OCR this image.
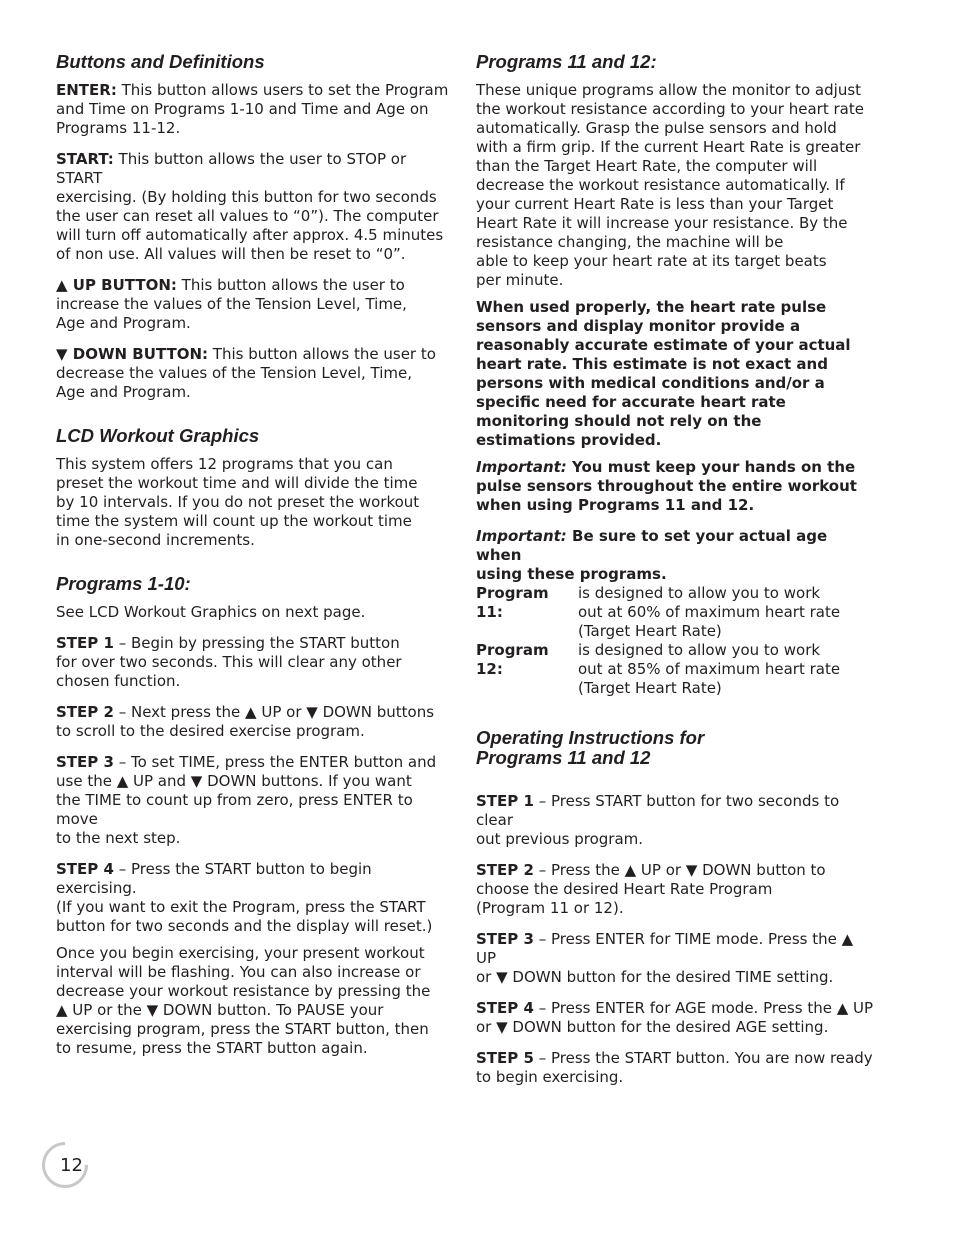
Buttons and Definitions

ENTER: This button allows users to set the Program
and Time on Programs 1-10 and Time and Age on
Programs 11-12.

START: This button allows the user to STOP or START
exercising. (By holding this button for two seconds
the user can reset all values to “0”). The computer
will turn off automatically after approx. 4.5 minutes
of non use. All values will then be reset to “0”.

▲ UP BUTTON: This button allows the user to
increase the values of the Tension Level, Time,
Age and Program.

▼ DOWN BUTTON: This button allows the user to
decrease the values of the Tension Level, Time,
Age and Program.

LCD Workout Graphics

This system offers 12 programs that you can
preset the workout time and will divide the time
by 10 intervals. If you do not preset the workout
time the system will count up the workout time
in one-second increments.

Programs 1-10:

See LCD Workout Graphics on next page.

STEP 1 – Begin by pressing the START button
for over two seconds. This will clear any other
chosen function.

STEP 2 – Next press the ▲ UP or ▼ DOWN buttons
to scroll to the desired exercise program.

STEP 3 – To set TIME, press the ENTER button and
use the ▲ UP and ▼ DOWN buttons. If you want
the TIME to count up from zero, press ENTER to move
to the next step.

STEP 4 – Press the START button to begin exercising.
(If you want to exit the Program, press the START
button for two seconds and the display will reset.)

Once you begin exercising, your present workout
interval will be flashing. You can also increase or
decrease your workout resistance by pressing the
▲ UP or the ▼ DOWN button. To PAUSE your
exercising program, press the START button, then
to resume, press the START button again.

Programs 11 and 12:

These unique programs allow the monitor to adjust
the workout resistance according to your heart rate
automatically. Grasp the pulse sensors and hold
with a firm grip. If the current Heart Rate is greater
than the Target Heart Rate, the computer will
decrease the workout resistance automatically. If
your current Heart Rate is less than your Target
Heart Rate it will increase your resistance. By the
resistance changing, the machine will be
able to keep your heart rate at its target beats
per minute.

When used properly, the heart rate pulse
sensors and display monitor provide a
reasonably accurate estimate of your actual
heart rate. This estimate is not exact and
persons with medical conditions and/or a
specific need for accurate heart rate
monitoring should not rely on the
estimations provided.

Important: You must keep your hands on the
pulse sensors throughout the entire workout
when using Programs 11 and 12.

Important: Be sure to set your actual age when
using these programs.

Program 11:
is designed to allow you to work
out at 60% of maximum heart rate
(Target Heart Rate)
Program 12:
is designed to allow you to work
out at 85% of maximum heart rate
(Target Heart Rate)
Operating Instructions for
Programs 11 and 12

STEP 1 – Press START button for two seconds to clear
out previous program.

STEP 2 – Press the ▲ UP or ▼ DOWN button to
choose the desired Heart Rate Program
(Program 11 or 12).

STEP 3 – Press ENTER for TIME mode. Press the ▲ UP
or ▼ DOWN button for the desired TIME setting.

STEP 4 – Press ENTER for AGE mode. Press the ▲ UP
or ▼ DOWN button for the desired AGE setting.

STEP 5 – Press the START button. You are now ready
to begin exercising.

12
